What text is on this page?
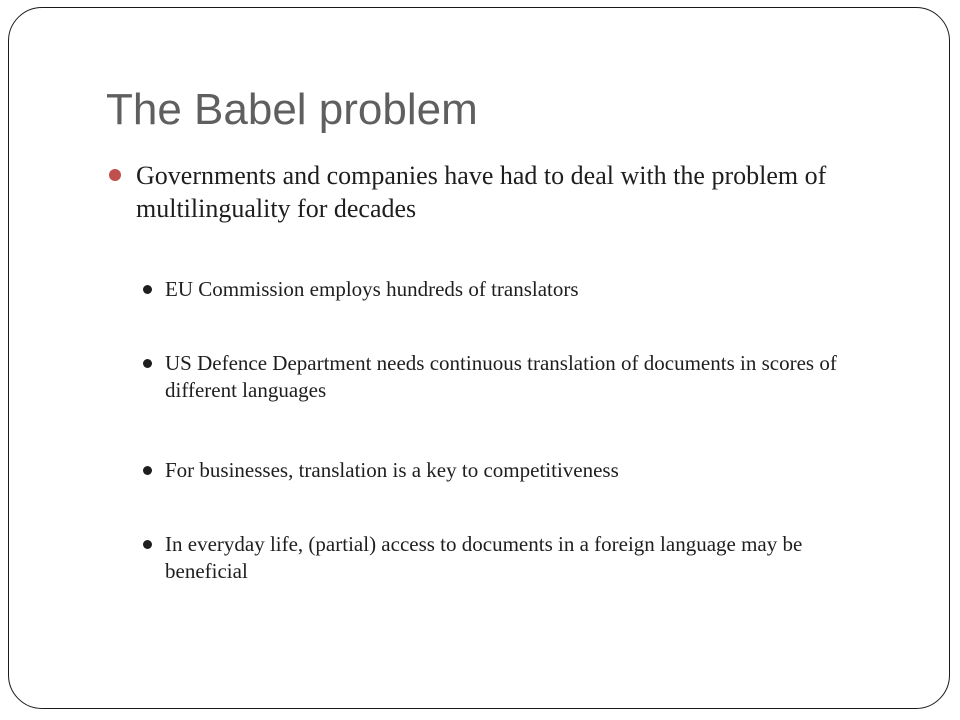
The Babel problem
Governments and companies have had to deal with the problem of multilinguality for decades
EU Commission employs hundreds of translators
US Defence Department needs continuous translation of documents in scores of different languages
For businesses, translation is a key to competitiveness
In everyday life, (partial) access to documents in a foreign language may be beneficial
